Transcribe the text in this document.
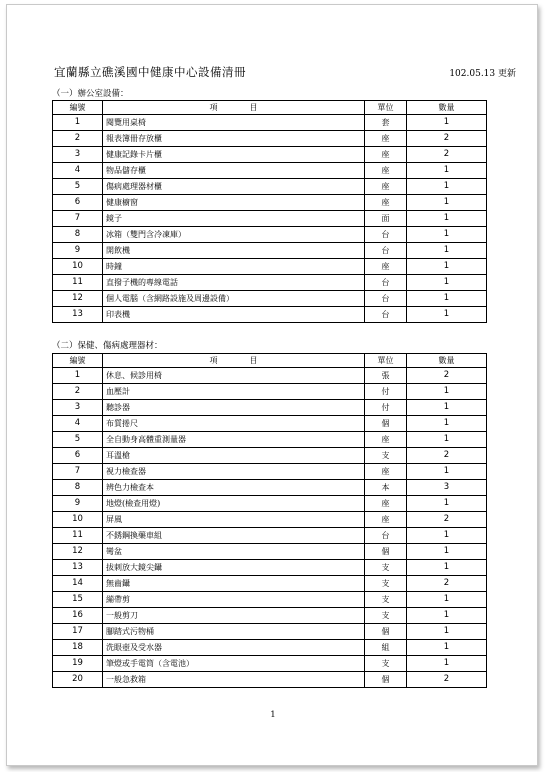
宜蘭縣立礁溪國中健康中心設備清冊	102.05.13 更新
（一）辦公室設備：
編號	項　　　　目	單位	數量
1	閱覽用桌椅	套	1
2	報表簿冊存放櫃	座	2
3	健康記錄卡片櫃	座	2
4	物品儲存櫃	座	1
5	傷病處理器材櫃	座	1
6	健康櫥窗	座	1
7	鏡子	面	1
8	冰箱（雙門含冷凍庫）	台	1
9	開飲機	台	1
10	時鐘	座	1
11	直撥子機的專線電話	台	1
12	個人電腦（含網路設施及周邊設備）	台	1
13	印表機	台	1
（二）保健、傷病處理器材：
編號	項　　　　目	單位	數量
1	休息、候診用椅	張	2
2	血壓計	付	1
3	聽診器	付	1
4	布質捲尺	個	1
5	全自動身高體重測量器	座	1
6	耳溫槍	支	2
7	視力檢查器	座	1
8	辨色力檢查本	本	3
9	地燈(檢查用燈)	座	1
10	屏風	座	2
11	不銹鋼換藥車組	台	1
12	彎盆	個	1
13	拔刺放大鏡尖鑷	支	1
14	無齒鑷	支	2
15	繃帶剪	支	1
16	一般剪刀	支	1
17	腳踏式污物桶	個	1
18	洗眼壺及受水器	組	1
19	筆燈或手電筒（含電池）	支	1
20	一般急救箱	個	2
1
